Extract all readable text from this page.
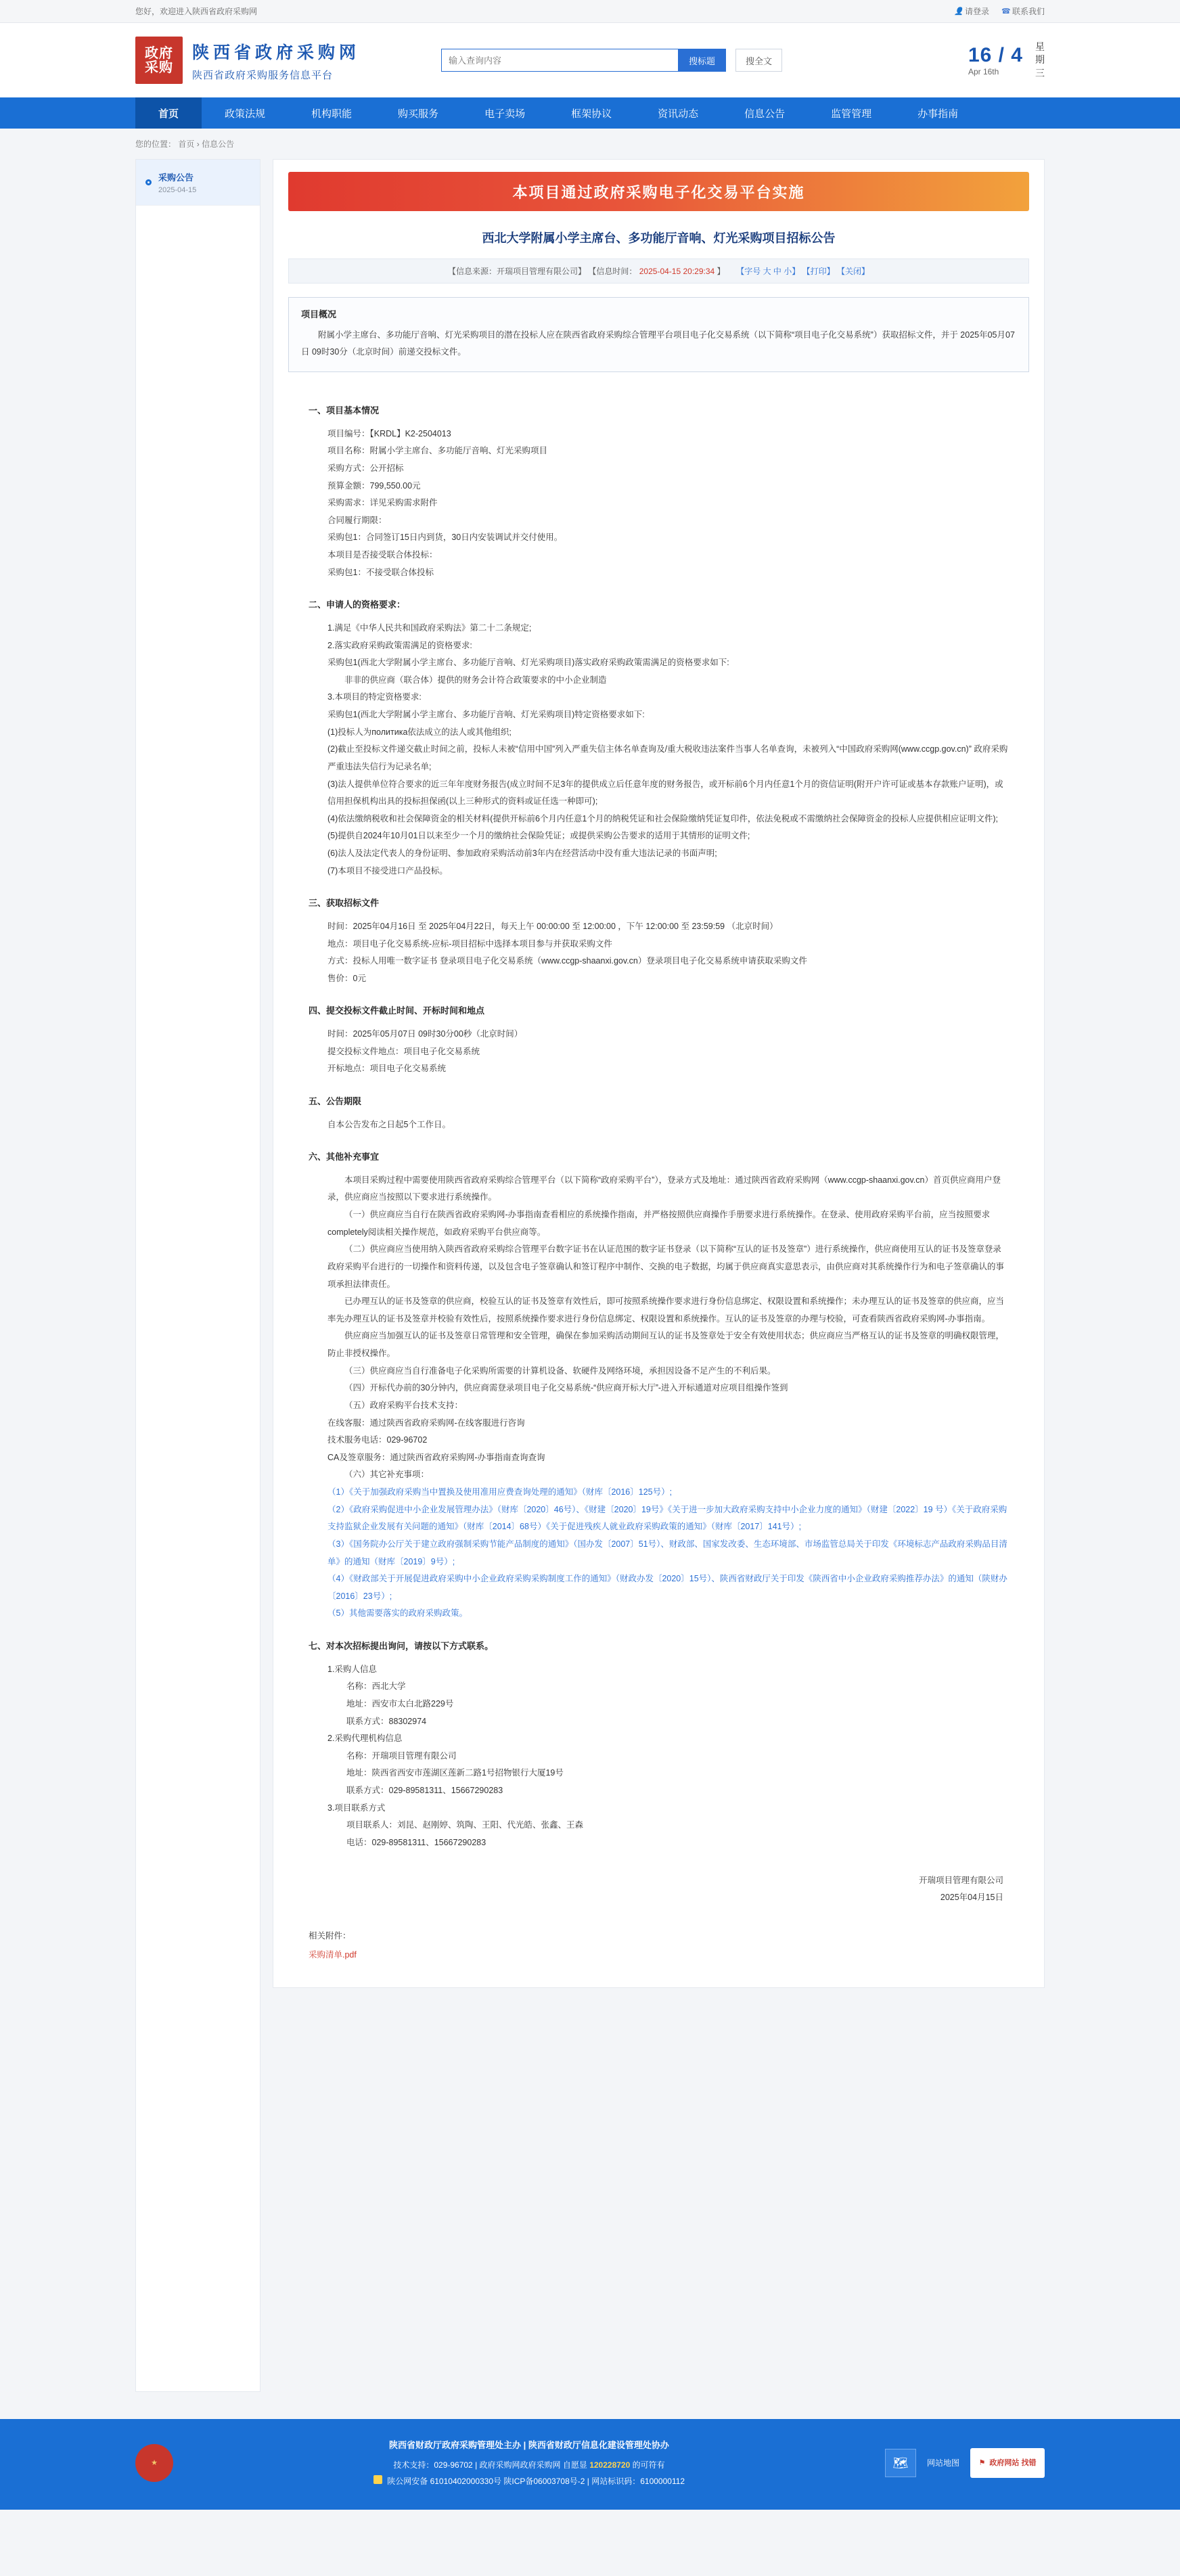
您好，欢迎进入陕西省政府采购网	👤 请登录 ☎ 联系我们
政府
采购
陕西省政府采购网
陕西省政府采购服务信息平台
输入查询内容
搜标题	搜全文	16 / 4
Apr 16th
星
期
三
首页	政策法规	机构职能	购买服务	电子卖场	框架协议	资讯动态	信息公告	监管管理	办事指南
您的位置： 首页 › 信息公告
采购公告
2025-04-15	本项目通过政府采购电子化交易平台实施
西北大学附属小学主席台、多功能厅音响、灯光采购项目招标公告
【信息来源：开瑞项目管理有限公司】 【信息时间： 2025-04-15 20:29:34 】 【字号 大 中 小】 【打印】 【关闭】
项目概况

附属小学主席台、多功能厅音响、灯光采购项目的潜在投标人应在陕西省政府采购综合管理平台项目电子化交易系统（以下简称“项目电子化交易系统”）获取招标文件，并于 2025年05月07日 09时30分（北京时间）前递交投标文件。

一、项目基本情况

项目编号：【KRDL】K2-2504013

项目名称：附属小学主席台、多功能厅音响、灯光采购项目

采购方式：公开招标

预算金额：799,550.00元

采购需求：详见采购需求附件

合同履行期限：

采购包1：合同签订15日内到货，30日内安装调试并交付使用。

本项目是否接受联合体投标：

采购包1：不接受联合体投标

二、申请人的资格要求：

1.满足《中华人民共和国政府采购法》第二十二条规定;

2.落实政府采购政策需满足的资格要求:

采购包1(西北大学附属小学主席台、多功能厅音响、灯光采购项目)落实政府采购政策需满足的资格要求如下:

非非的供应商（联合体）提供的财务会计符合政策要求的中小企业制造

3.本项目的特定资格要求:

采购包1(西北大学附属小学主席台、多功能厅音响、灯光采购项目)特定资格要求如下:

(1)投标人为политика依法成立的法人或其他组织;

(2)截止至投标文件递交截止时间之前，投标人未被“信用中国”列入严重失信主体名单查询及/重大税收违法案件当事人名单查询，未被列入“中国政府采购网(www.ccgp.gov.cn)” 政府采购严重违法失信行为记录名单;

(3)法人提供单位符合要求的近三年年度财务报告(成立时间不足3年的提供成立后任意年度的财务报告，或开标前6个月内任意1个月的资信证明(附开户许可证或基本存款账户证明)，或信用担保机构出具的投标担保函(以上三种形式的资料或证任选一种即可);

(4)依法缴纳税收和社会保障资金的相关材料(提供开标前6个月内任意1个月的纳税凭证和社会保险缴纳凭证复印件，依法免税或不需缴纳社会保障资金的投标人应提供相应证明文件);

(5)提供自2024年10月01日以来至少一个月的缴纳社会保险凭证；或提供采购公告要求的适用于其情形的证明文件;

(6)法人及法定代表人的身份证明、参加政府采购活动前3年内在经营活动中没有重大违法记录的书面声明;

(7)本项目不接受进口产品投标。

三、获取招标文件

时间：2025年04月16日 至 2025年04月22日，每天上午 00:00:00 至 12:00:00 ，下午 12:00:00 至 23:59:59 （北京时间）

地点：项目电子化交易系统-应标-项目招标中选择本项目参与并获取采购文件

方式：投标人用唯一数字证书 登录项目电子化交易系统（www.ccgp-shaanxi.gov.cn）登录项目电子化交易系统申请获取采购文件

售价：0元

四、提交投标文件截止时间、开标时间和地点

时间：2025年05月07日 09时30分00秒（北京时间）

提交投标文件地点：项目电子化交易系统

开标地点：项目电子化交易系统

五、公告期限

自本公告发布之日起5个工作日。

六、其他补充事宜

本项目采购过程中需要使用陕西省政府采购综合管理平台（以下简称“政府采购平台”），登录方式及地址：通过陕西省政府采购网（www.ccgp-shaanxi.gov.cn）首页供应商用户登录，供应商应当按照以下要求进行系统操作。

（一）供应商应当自行在陕西省政府采购网-办事指南查看相应的系统操作指南，并严格按照供应商操作手册要求进行系统操作。在登录、使用政府采购平台前，应当按照要求completely阅读相关操作规范，如政府采购平台供应商等。

（二）供应商应当使用纳入陕西省政府采购综合管理平台数字证书在认证范围的数字证书登录（以下简称“互认的证书及签章”）进行系统操作，供应商使用互认的证书及签章登录政府采购平台进行的一切操作和资料传递，以及包含电子签章确认和签订程序中制作、交换的电子数据，均属于供应商真实意思表示，由供应商对其系统操作行为和电子签章确认的事项承担法律责任。

已办理互认的证书及签章的供应商，校验互认的证书及签章有效性后，即可按照系统操作要求进行身份信息绑定、权限设置和系统操作；未办理互认的证书及签章的供应商，应当率先办理互认的证书及签章并校验有效性后，按照系统操作要求进行身份信息绑定、权限设置和系统操作。互认的证书及签章的办理与校验，可查看陕西省政府采购网-办事指南。

供应商应当加强互认的证书及签章日常管理和安全管理，确保在参加采购活动期间互认的证书及签章处于安全有效使用状态；供应商应当严格互认的证书及签章的明确权限管理，防止非授权操作。

（三）供应商应当自行准备电子化采购所需要的计算机设备、软硬件及网络环境，承担因设备不足产生的不利后果。

（四）开标代办前的30分钟内，供应商需登录项目电子化交易系统-“供应商开标大厅”-进入开标通道对应项目组操作签到

（五）政府采购平台技术支持：

在线客服：通过陕西省政府采购网-在线客服进行咨询

技术服务电话：029-96702

CA及签章服务：通过陕西省政府采购网-办事指南查询查询

（六）其它补充事项：

（1）《关于加强政府采购当中置换及使用准用应费查询处理的通知》（财库〔2016〕125号）;

（2）《政府采购促进中小企业发展管理办法》（财库〔2020〕46号）、《财建〔2020〕19号》《关于进一步加大政府采购支持中小企业力度的通知》（财建〔2022〕19 号）《关于政府采购支持监狱企业发展有关问题的通知》（财库〔2014〕68号）《关于促进残疾人就业政府采购政策的通知》（财库〔2017〕141号）;

（3）《国务院办公厅关于建立政府强制采购节能产品制度的通知》（国办发〔2007〕51号）、财政部、国家发改委、生态环境部、市场监管总局关于印发《环境标志产品政府采购品目清单》的通知（财库〔2019〕9号）;

（4）《财政部关于开展促进政府采购中小企业政府采购采购制度工作的通知》（财政办发〔2020〕15号）、陕西省财政厅关于印发《陕西省中小企业政府采购推荐办法》的通知（陕财办〔2016〕23号）;

（5）其他需要落实的政府采购政策。

七、对本次招标提出询问，请按以下方式联系。

1.采购人信息

名称：西北大学

地址：西安市太白北路229号

联系方式：88302974

2.采购代理机构信息

名称：开瑞项目管理有限公司

地址：陕西省西安市莲湖区莲新二路1号招物银行大厦19号

联系方式：029-89581311、15667290283

3.项目联系方式

项目联系人：刘昆、赵刚婷、筑陶、王阳、代光皓、张鑫、王森

电话：029-89581311、15667290283

开瑞项目管理有限公司
2025年04月15日
相关附件：
采购清单.pdf
★
陕西省财政厅政府采购管理处主办 | 陕西省财政厅信息化建设管理处协办
技术支持：029-96702 | 政府采购网政府采购网 自愿显 120228720 的可符有
陕公网安备 61010402000330号 陕ICP备06003708号-2 | 网站标识码：6100000112
🗺	网站地图	⚑ 政府网站 找错
